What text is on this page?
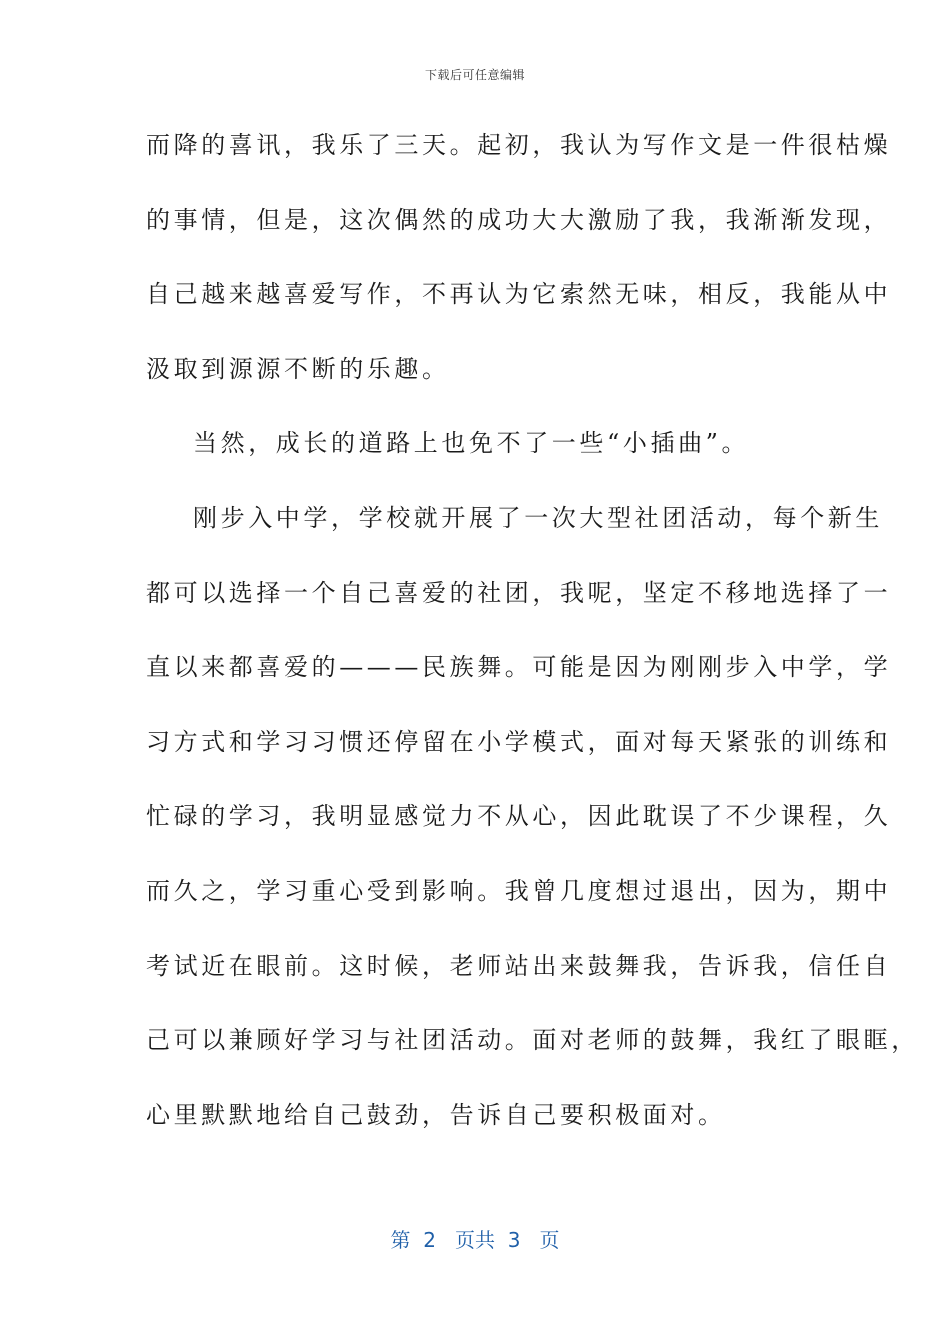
下载后可任意编辑
而降的喜讯，我乐了三天。起初，我认为写作文是一件很枯燥
的事情，但是，这次偶然的成功大大激励了我，我渐渐发现，
自己越来越喜爱写作，不再认为它索然无味，相反，我能从中
汲取到源源不断的乐趣。
当然，成长的道路上也免不了一些“小插曲”。
刚步入中学，学校就开展了一次大型社团活动，每个新生
都可以选择一个自己喜爱的社团，我呢，坚定不移地选择了一
直以来都喜爱的———民族舞。可能是因为刚刚步入中学，学
习方式和学习习惯还停留在小学模式，面对每天紧张的训练和
忙碌的学习，我明显感觉力不从心，因此耽误了不少课程，久
而久之，学习重心受到影响。我曾几度想过退出，因为，期中
考试近在眼前。这时候，老师站出来鼓舞我，告诉我，信任自
己可以兼顾好学习与社团活动。面对老师的鼓舞，我红了眼眶，
心里默默地给自己鼓劲，告诉自己要积极面对。
第  2   页共  3   页
